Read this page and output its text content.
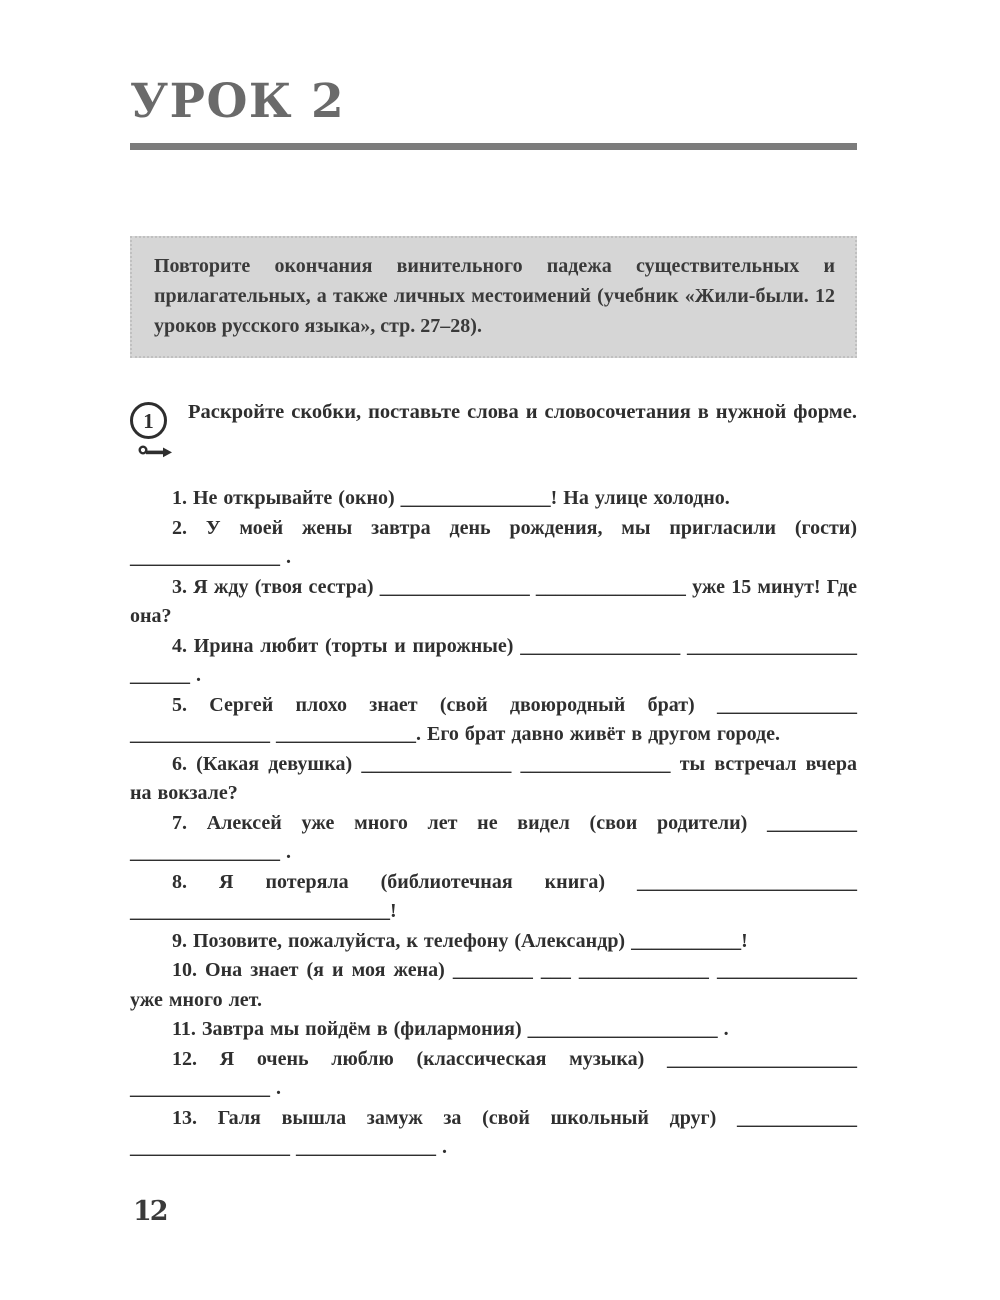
УРОК 2
Повторите окончания винительного падежа существительных и прилагательных, а также личных местоимений (учебник «Жили-были. 12 уроков русского языка», стр. 27–28).

1 Раскройте скобки, поставьте слова и словосочетания в нужной форме.

1. Не открывайте (окно) _______________! На улице холодно.

2. У моей жены завтра день рождения, мы пригласили (гости) _______________ .

3. Я жду (твоя сестра) _______________ _______________ уже 15 минут! Где она?

4. Ирина любит (торты и пирожные) ________________ _________________ ______ .

5. Сергей плохо знает (свой двоюродный брат) ______________ ______________ ______________. Его брат давно живёт в другом городе.

6. (Какая девушка) _______________ _______________ ты встречал вчера на вокзале?

7. Алексей уже много лет не видел (свои родители) _________ _______________ .

8. Я потеряла (библиотечная книга) ______________________ __________________________!

9. Позовите, пожалуйста, к телефону (Александр) ___________!

10. Она знает (я и моя жена) ________ ___ _____________ ______________ уже много лет.

11. Завтра мы пойдём в (филармония) ___________________ .

12. Я очень люблю (классическая музыка) ___________________ ______________ .

13. Галя вышла замуж за (свой школьный друг) ____________ ________________ ______________ .

12
